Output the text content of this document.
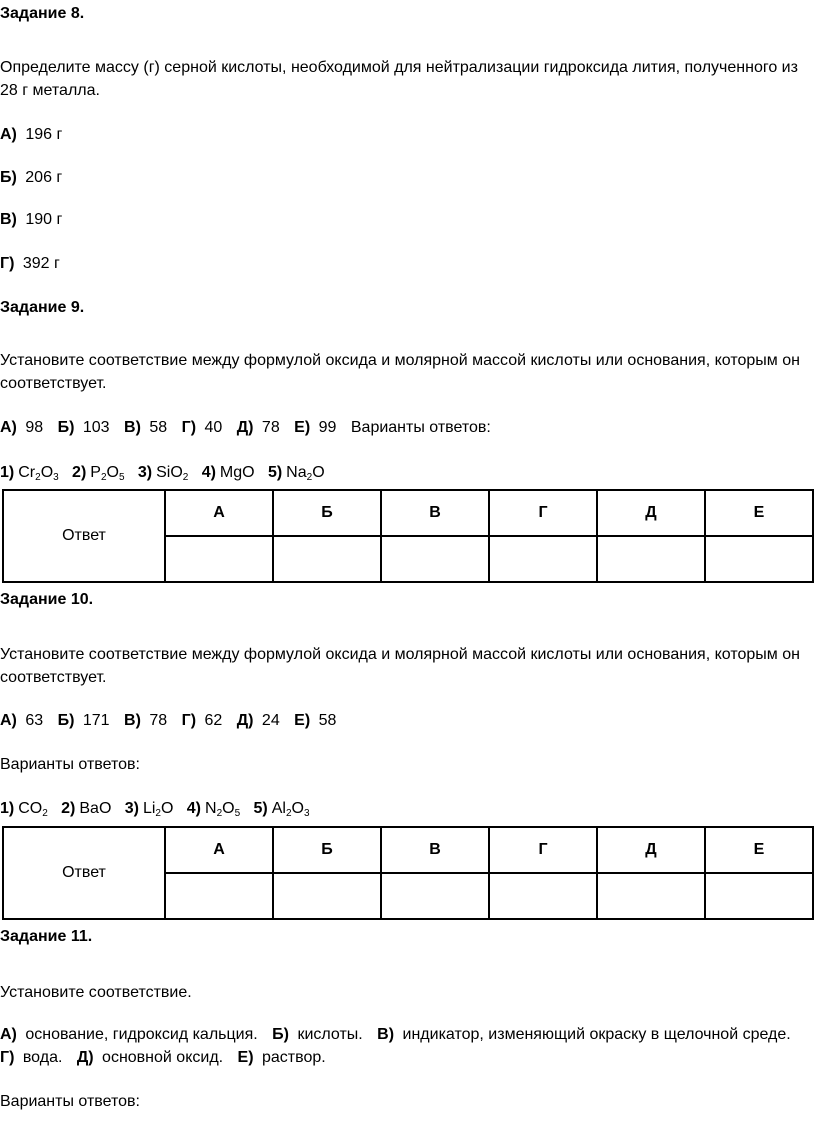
Задание 8.
Определите массу (г) серной кислоты, необходимой для нейтрализации гидроксида лития, полученного из
28 г металла.
А) 196 г
Б) 206 г
В) 190 г
Г) 392 г
Задание 9.
Установите соответствие между формулой оксида и молярной массой кислоты или основания, которым он
соответствует.
А) 98 Б) 103 В) 58 Г) 40 Д) 78 Е) 99 Варианты ответов:
1) $Cr_2O_3$ 2) $P_2O_5$ 3) SiO$_2$ 4) MgO 5) $Na_2O$
Ответ	А	Б	В	Г	Д	Е

Задание 10.
Установите соответствие между формулой оксида и молярной массой кислоты или основания, которым он
соответствует.
А) 63 Б) 171 В) 78 Г) 62 Д) 24 Е) 58
Варианты ответов:
1) $CO_2$ 2) BaO 3) $Li_2O$ 4) $N_2O_5$ 5) $Al_2O_3$
Ответ	А	Б	В	Г	Д	Е

Задание 11.
Установите соответствие.
А) основание, гидроксид кальция. Б) кислоты. В) индикатор, изменяющий окраску в щелочной среде.
Г) вода. Д) основной оксид. Е) раствор.
Варианты ответов:
